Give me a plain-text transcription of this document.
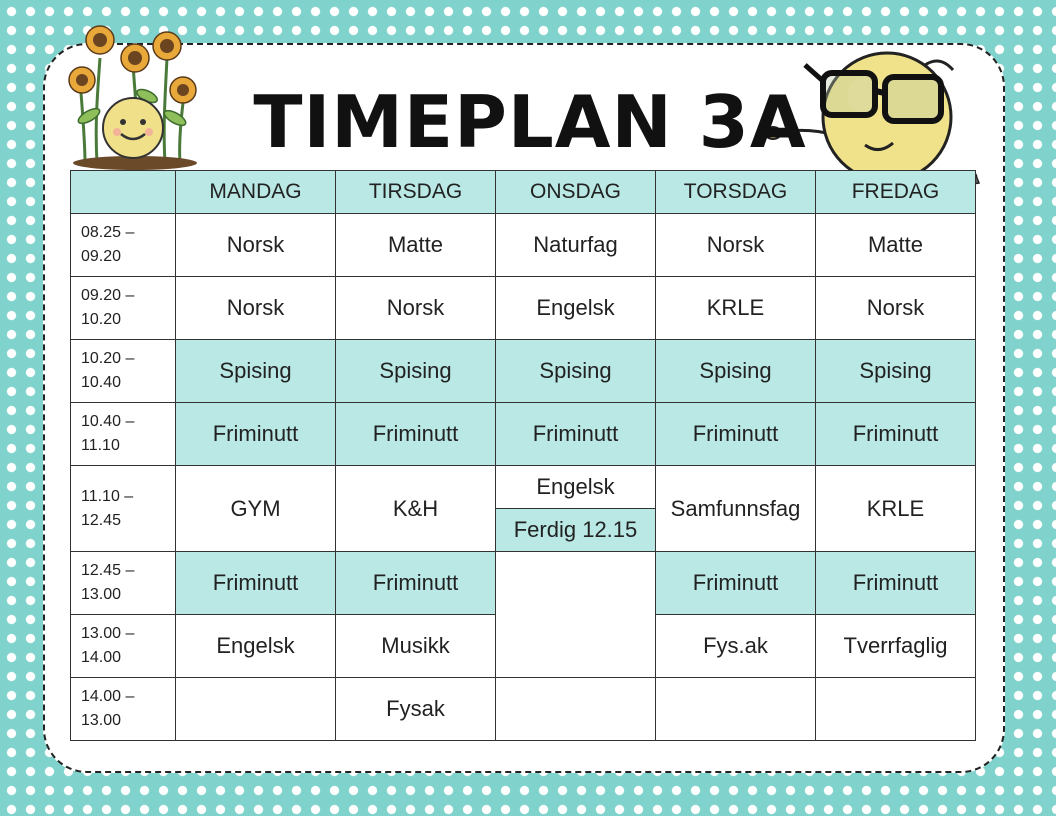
TIMEPLAN 3A
	MANDAG	TIRSDAG	ONSDAG	TORSDAG	FREDAG

08.25 –
09.20	Norsk	Matte	Naturfag	Norsk	Matte

09.20 –
10.20	Norsk	Norsk	Engelsk	KRLE	Norsk

10.20 –
10.40	Spising	Spising	Spising	Spising	Spising

10.40 –
11.10	Friminutt	Friminutt	Friminutt	Friminutt	Friminutt

11.10 –
12.45	GYM	K&H	Engelsk	Samfunnsfag	KRLE
			Ferdig 12.15		

12.45 –
13.00	Friminutt	Friminutt		Friminutt	Friminutt

13.00 –
14.00	Engelsk	Musikk		Fys.ak	Tverrfaglig

14.00 –
13.00		Fysak			
